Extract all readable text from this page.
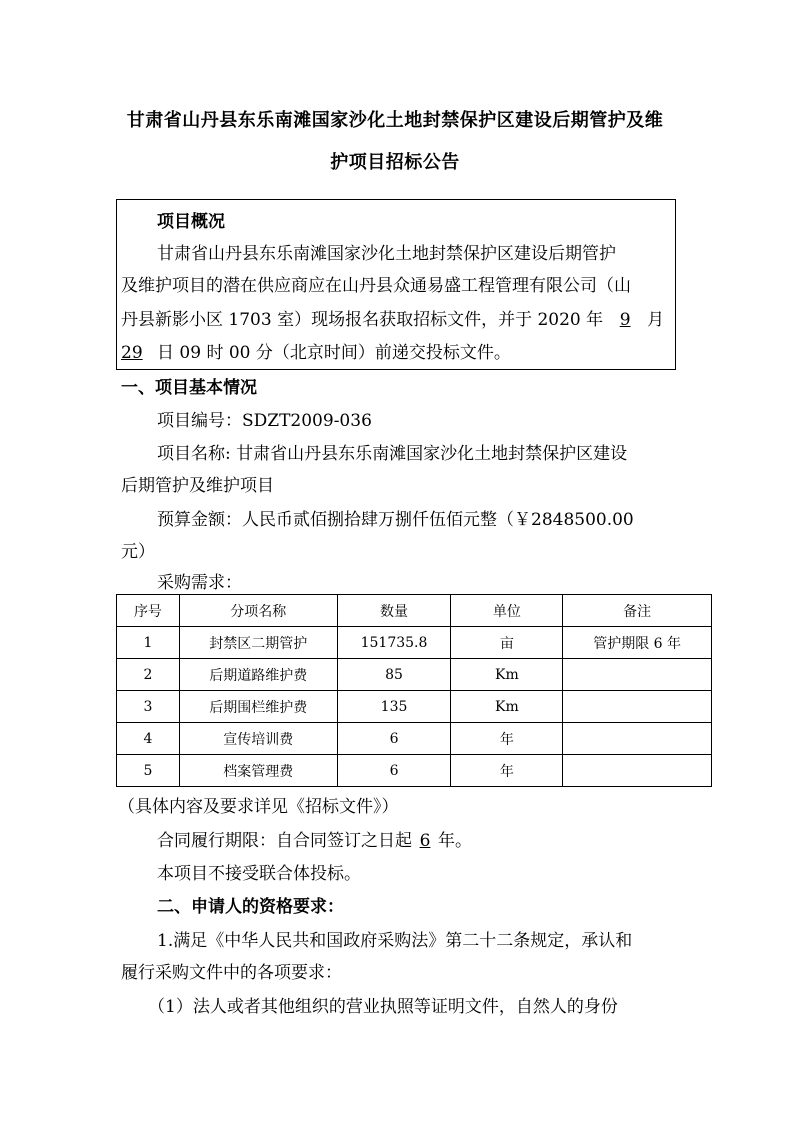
甘肃省山丹县东乐南滩国家沙化土地封禁保护区建设后期管护及维
护项目招标公告
项目概况
甘肃省山丹县东乐南滩国家沙化土地封禁保护区建设后期管护
及维护项目的潜在供应商应在山丹县众通易盛工程管理有限公司（山
丹县新影小区 1703 室）现场报名获取招标文件，并于 2020 年 9 月
29 日 09 时 00 分（北京时间）前递交投标文件。
一、项目基本情况
项目编号：SDZT2009-036
项目名称: 甘肃省山丹县东乐南滩国家沙化土地封禁保护区建设
后期管护及维护项目
预算金额：人民币贰佰捌拾肆万捌仟伍佰元整（￥2848500.00
元）
采购需求：
序号	分项名称	数量	单位	备注
1	封禁区二期管护	151735.8	亩	管护期限 6 年
2	后期道路维护费	85	Km	
3	后期围栏维护费	135	Km	
4	宣传培训费	6	年	
5	档案管理费	6	年	
（具体内容及要求详见《招标文件》）
合同履行期限：自合同签订之日起 6 年。
本项目不接受联合体投标。
二、申请人的资格要求：
1.满足《中华人民共和国政府采购法》第二十二条规定，承认和
履行采购文件中的各项要求：
（1）法人或者其他组织的营业执照等证明文件，自然人的身份
